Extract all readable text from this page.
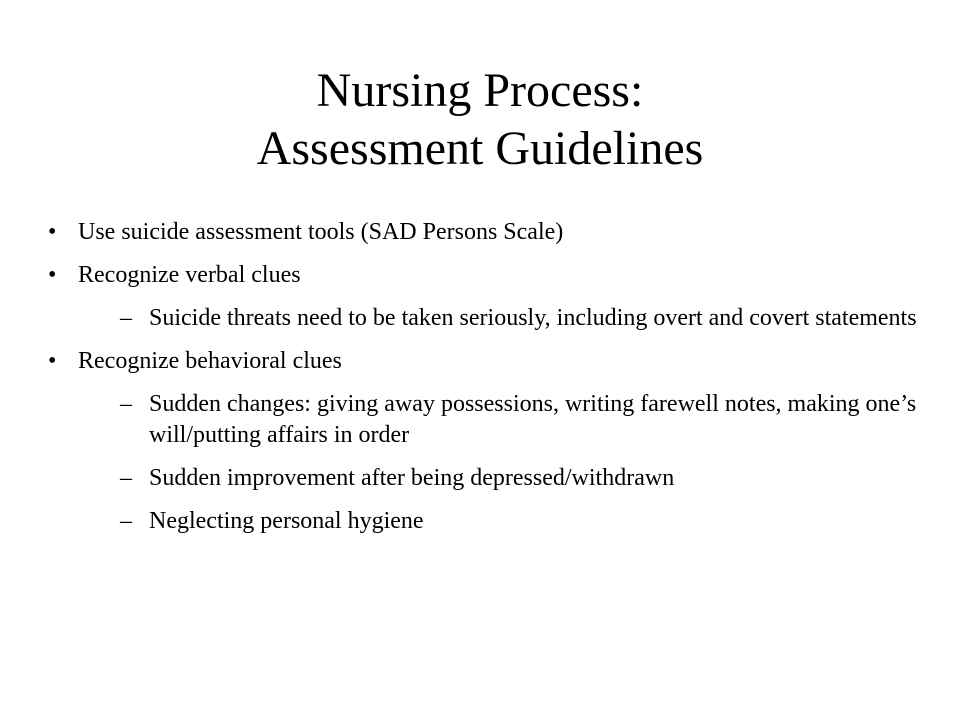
Nursing Process:
Assessment Guidelines
• Use suicide assessment tools (SAD Persons Scale)
• Recognize verbal clues
– Suicide threats need to be taken seriously, including overt and covert statements
• Recognize behavioral clues
– Sudden changes: giving away possessions, writing farewell notes, making one’s will/putting affairs in order
– Sudden improvement after being depressed/withdrawn
– Neglecting personal hygiene
